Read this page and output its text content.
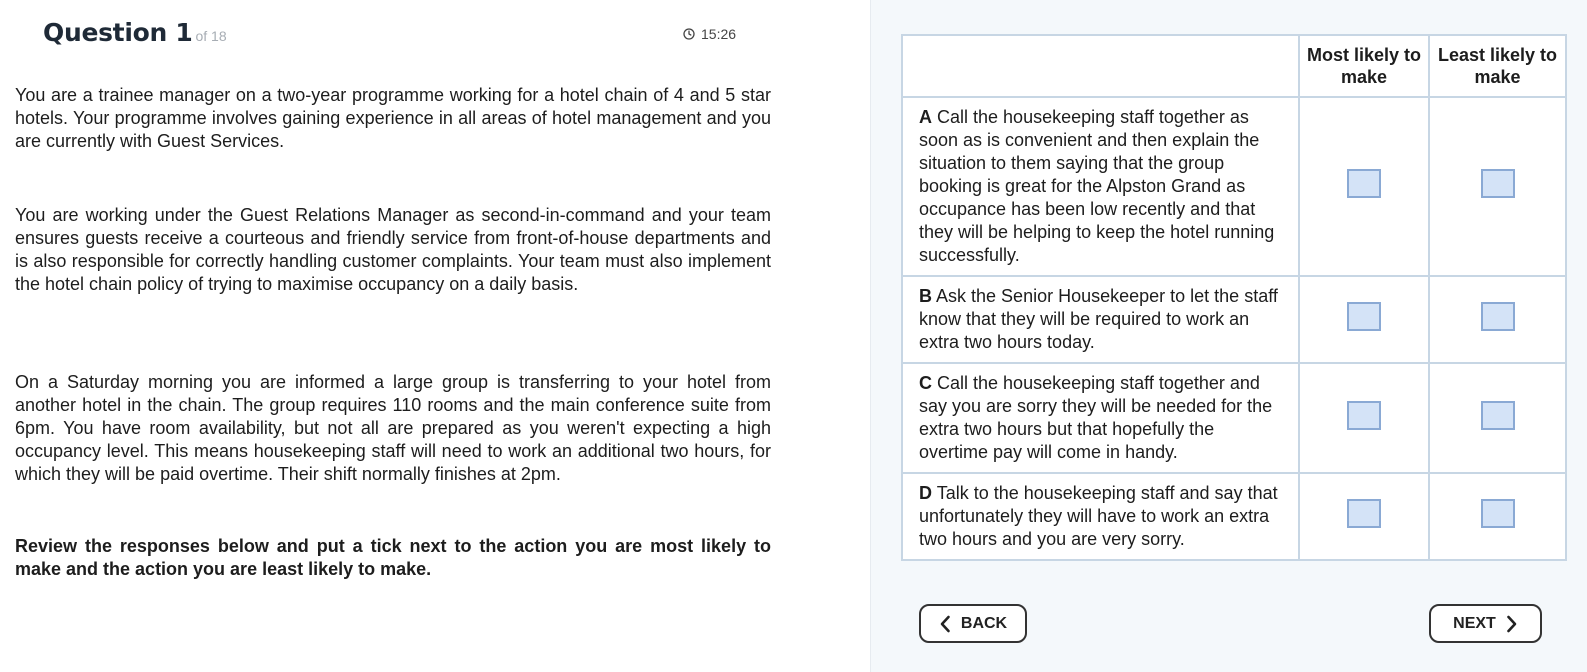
Question 1 of 18	15:26

You are a trainee manager on a two-year programme working for a hotel chain of 4 and 5 star hotels. Your programme involves gaining experience in all areas of hotel management and you are currently with Guest Services.

You are working under the Guest Relations Manager as second-in-command and your team ensures guests receive a courteous and friendly service from front-of-house departments and is also responsible for correctly handling customer complaints. Your team must also implement the hotel chain policy of trying to maximise occupancy on a daily basis.

On a Saturday morning you are informed a large group is transferring to your hotel from another hotel in the chain. The group requires 110 rooms and the main conference suite from 6pm. You have room availability, but not all are prepared as you weren't expecting a high occupancy level. This means housekeeping staff will need to work an additional two hours, for which they will be paid overtime. Their shift normally finishes at 2pm.

Review the responses below and put a tick next to the action you are most likely to make and the action you are least likely to make.

	Most likely to make	Least likely to make
A Call the housekeeping staff together as soon as is convenient and then explain the situation to them saying that the group booking is great for the Alpston Grand as occupance has been low recently and that they will be helping to keep the hotel running successfully.		
B Ask the Senior Housekeeper to let the staff know that they will be required to work an extra two hours today.		
C Call the housekeeping staff together and say you are sorry they will be needed for the extra two hours but that hopefully the overtime pay will come in handy.		
D Talk to the housekeeping staff and say that unfortunately they will have to work an extra two hours and you are very sorry.		
BACK	NEXT
